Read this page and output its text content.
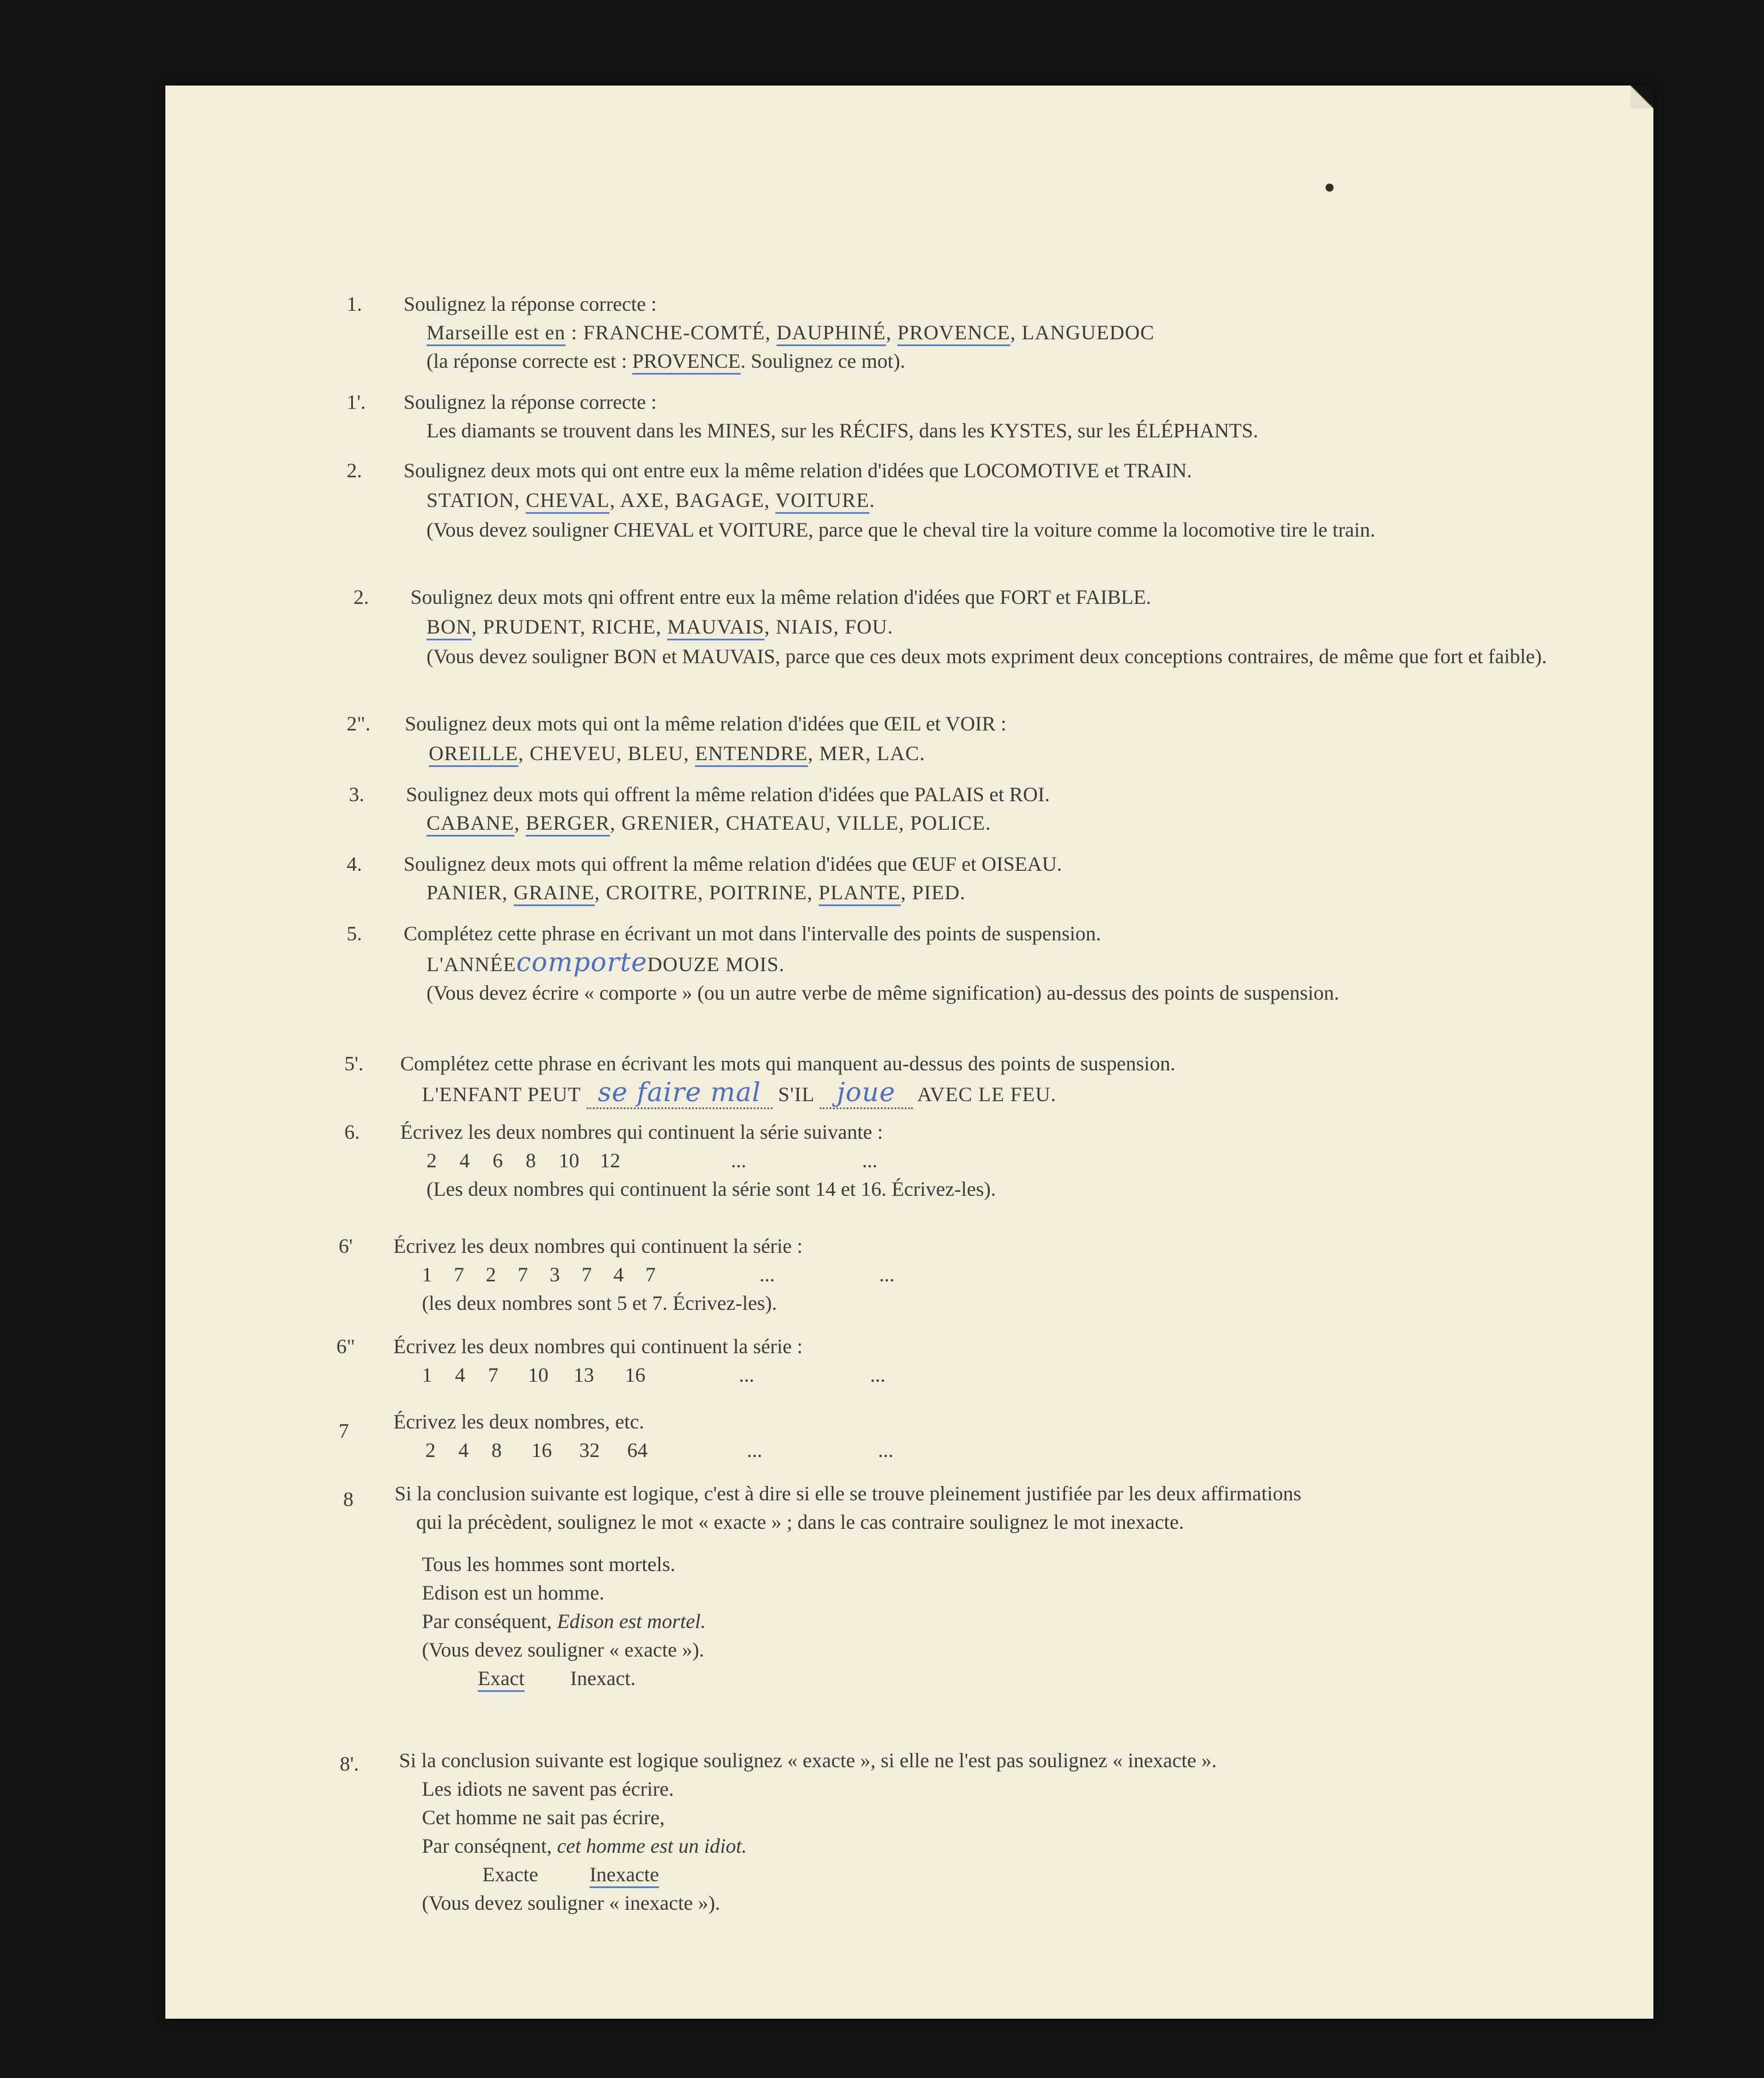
1.	Soulignez la réponse correcte :
Marseille est en : FRANCHE-COMTÉ, DAUPHINÉ, PROVENCE, LANGUEDOC
(la réponse correcte est : PROVENCE. Soulignez ce mot).
1'.	Soulignez la réponse correcte :
Les diamants se trouvent dans les MINES, sur les RÉCIFS, dans les KYSTES, sur les ÉLÉPHANTS.
2.	Soulignez deux mots qui ont entre eux la même relation d'idées que LOCOMOTIVE et TRAIN.
STATION, CHEVAL, AXE, BAGAGE, VOITURE.
(Vous devez souligner CHEVAL et VOITURE, parce que le cheval tire la voiture comme la locomotive tire le train.
2.	Soulignez deux mots qni offrent entre eux la même relation d'idées que FORT et FAIBLE.
BON, PRUDENT, RICHE, MAUVAIS, NIAIS, FOU.
(Vous devez souligner BON et MAUVAIS, parce que ces deux mots expriment deux conceptions contraires, de même que fort et faible).
2".	Soulignez deux mots qui ont la même relation d'idées que ŒIL et VOIR :
OREILLE, CHEVEU, BLEU, ENTENDRE, MER, LAC.
3.	Soulignez deux mots qui offrent la même relation d'idées que PALAIS et ROI.
CABANE, BERGER, GRENIER, CHATEAU, VILLE, POLICE.
4.	Soulignez deux mots qui offrent la même relation d'idées que ŒUF et OISEAU.
PANIER, GRAINE, CROITRE, POITRINE, PLANTE, PIED.
5.	Complétez cette phrase en écrivant un mot dans l'intervalle des points de suspension.
L'ANNÉEcomporteDOUZE MOIS.
(Vous devez écrire « comporte » (ou un autre verbe de même signification) au-dessus des points de suspension.
5'.	Complétez cette phrase en écrivant les mots qui manquent au-dessus des points de suspension.
L'ENFANT PEUT se faire mal S'IL joue AVEC LE FEU.
6.	Écrivez les deux nombres qui continuent la série suivante :
2 4 6 8 10 12	...	...
(Les deux nombres qui continuent la série sont 14 et 16. Écrivez-les).
6'	Écrivez les deux nombres qui continuent la série :
1 7 2 7 3 7 4 7	...	...
(les deux nombres sont 5 et 7. Écrivez-les).
6"	Écrivez les deux nombres qui continuent la série :
1 4 7 10 13 16	...	...
7	Écrivez les deux nombres, etc.
2 4 8 16 32 64	...	...
8	Si la conclusion suivante est logique, c'est à dire si elle se trouve pleinement justifiée par les deux affirmations
qui la précèdent, soulignez le mot « exacte » ; dans le cas contraire soulignez le mot inexacte.
Tous les hommes sont mortels.
Edison est un homme.
Par conséquent, Edison est mortel.
(Vous devez souligner « exacte »).
Exact Inexact.
8'.	Si la conclusion suivante est logique soulignez « exacte », si elle ne l'est pas soulignez « inexacte ».
Les idiots ne savent pas écrire.
Cet homme ne sait pas écrire,
Par conséqnent, cet homme est un idiot.
Exacte	Inexacte
(Vous devez souligner « inexacte »).
